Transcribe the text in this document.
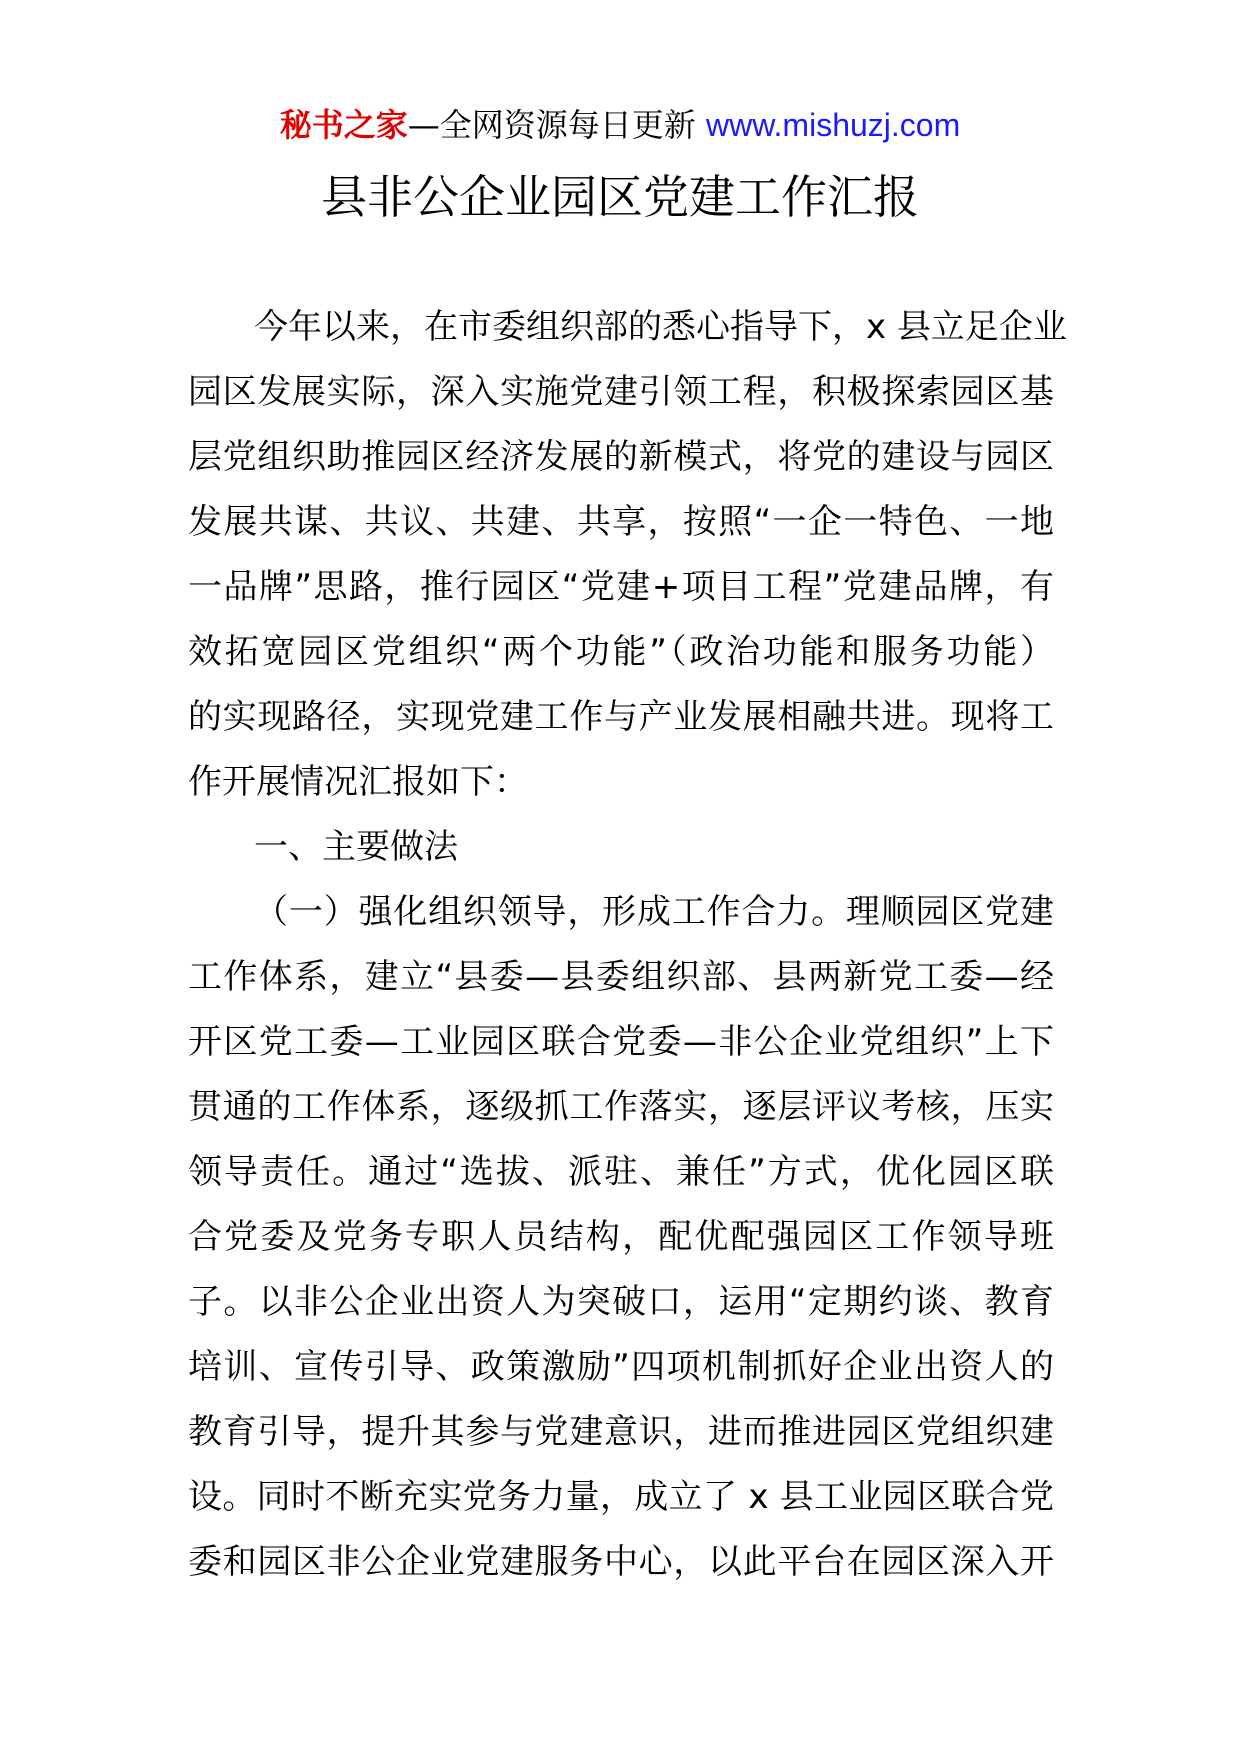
秘书之家—全网资源每日更新 www.mishuzj.com
县非公企业园区党建工作汇报
今年以来，在市委组织部的悉心指导下，x 县立足企业
园区发展实际，深入实施党建引领工程，积极探索园区基
层党组织助推园区经济发展的新模式，将党的建设与园区
发展共谋、共议、共建、共享，按照“一企一特色、一地
一品牌”思路，推行园区“党建+项目工程”党建品牌，有
效拓宽园区党组织“两个功能”（政治功能和服务功能）
的实现路径，实现党建工作与产业发展相融共进。现将工
作开展情况汇报如下：
一、主要做法
（一）强化组织领导，形成工作合力。理顺园区党建
工作体系，建立“县委—县委组织部、县两新党工委—经
开区党工委—工业园区联合党委—非公企业党组织”上下
贯通的工作体系，逐级抓工作落实，逐层评议考核，压实
领导责任。通过“选拔、派驻、兼任”方式，优化园区联
合党委及党务专职人员结构，配优配强园区工作领导班
子。以非公企业出资人为突破口，运用“定期约谈、教育
培训、宣传引导、政策激励”四项机制抓好企业出资人的
教育引导，提升其参与党建意识，进而推进园区党组织建
设。同时不断充实党务力量，成立了 x 县工业园区联合党
委和园区非公企业党建服务中心，以此平台在园区深入开
